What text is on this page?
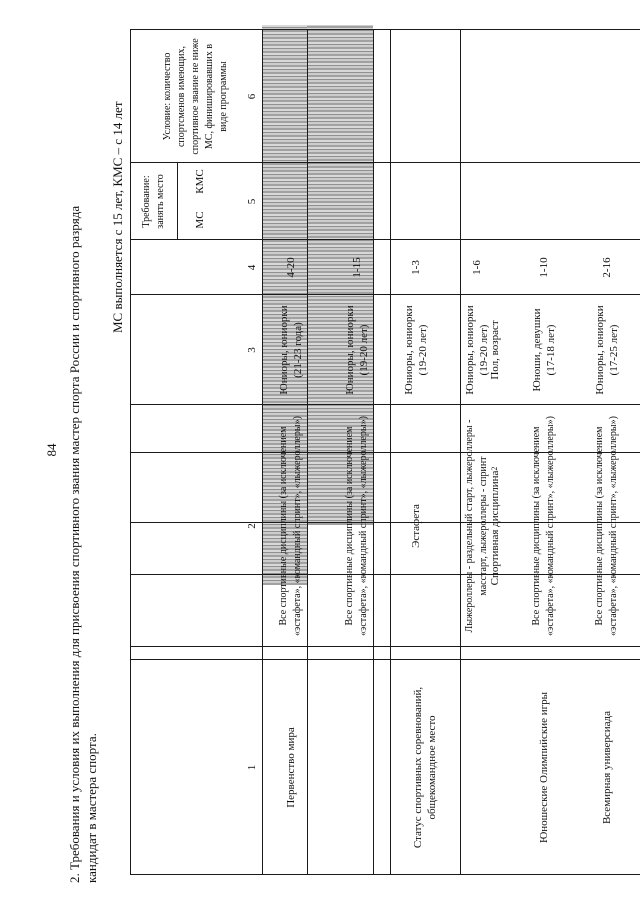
84 2. Требования и условия их выполнения для присвоения спортивного звания мастер спорта России и спортивного разряда кандидат в мастера спорта.
МС выполняется с 15 лет, КМС – с 14 лет
Статус спортивных соревнований, общекомандное место
Спортивная дисциплина
2
Пол, возраст
Требование: занять место	МС
КМС
Условие: количество спортсменов имеющих, спортивное звание не ниже МС, финишировавших в виде программы
1
2
3
4
5
6
Первенство мира
Все спортивные дисциплины (за исключением «эстафета», «командный спринт», «лыжероллеры»)
Юниоры, юниорки (21-23 года)
4-20
Все спортивные дисциплины (за исключением «эстафета», «командный спринт», «лыжероллеры»)
Юниоры, юниорки (19-20 лет)
1-15
Эстафета
Юниоры, юниорки (19-20 лет)
1-3
Лыжероллеры - раздельный старт, лыжероллеры - масстарт, лыжероллеры - спринт
Юниоры, юниорки (19-20 лет)
1-6
Юношеские Олимпийские игры
Все спортивные дисциплины (за исключением «эстафета», «командный спринт», «лыжероллеры»)
Юноши, девушки (17-18 лет)
1-10
Всемирная универсиада
Все спортивные дисциплины (за исключением «эстафета», «командный спринт», «лыжероллеры»)
Юниоры, юниорки (17-25 лет)
2-16
